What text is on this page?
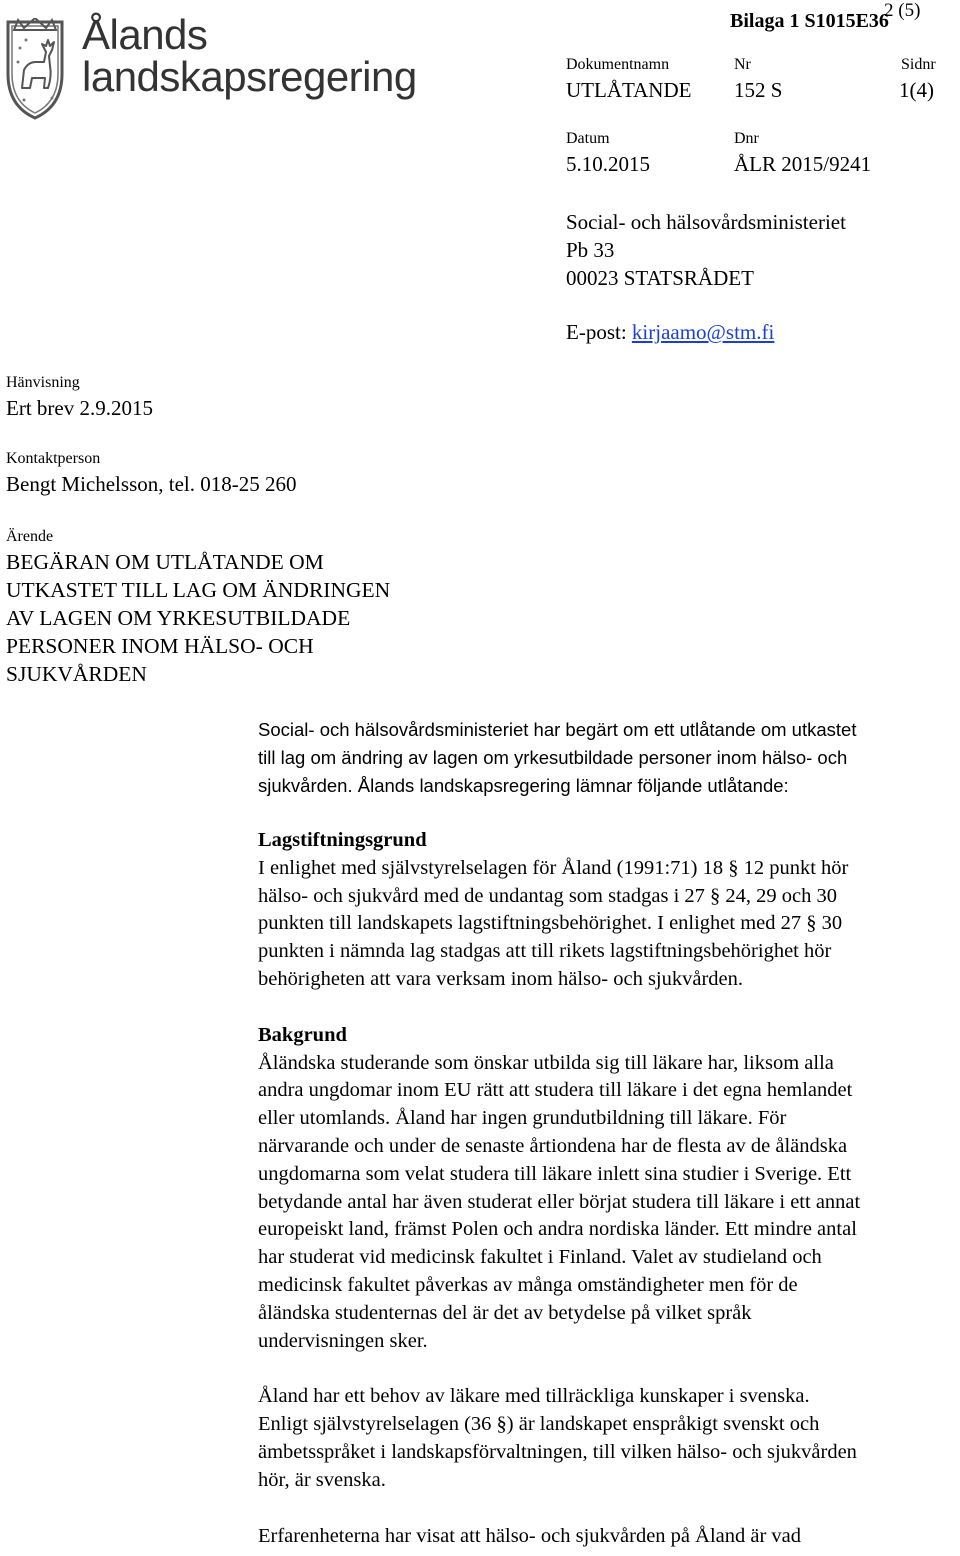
Ålands
landskapsregering
Bilaga 1 S1015E36
2 (5)
Dokumentnamn
UTLÅTANDE
Nr
152 S
Sidnr
1(4)
Datum
5.10.2015
Dnr
ÅLR 2015/9241
Social- och hälsovårdsministeriet
Pb 33
00023 STATSRÅDET
E-post: kirjaamo@stm.fi
Hänvisning
Ert brev 2.9.2015
Kontaktperson
Bengt Michelsson, tel. 018-25 260
Ärende
BEGÄRAN OM UTLÅTANDE OM
UTKASTET TILL LAG OM ÄNDRINGEN
AV LAGEN OM YRKESUTBILDADE
PERSONER INOM HÄLSO- OCH
SJUKVÅRDEN
Social- och hälsovårdsministeriet har begärt om ett utlåtande om utkastet
till lag om ändring av lagen om yrkesutbildade personer inom hälso- och
sjukvården. Ålands landskapsregering lämnar följande utlåtande:
Lagstiftningsgrund
I enlighet med självstyrelselagen för Åland (1991:71) 18 § 12 punkt hör
hälso- och sjukvård med de undantag som stadgas i 27 § 24, 29 och 30
punkten till landskapets lagstiftningsbehörighet. I enlighet med 27 § 30
punkten i nämnda lag stadgas att till rikets lagstiftningsbehörighet hör
behörigheten att vara verksam inom hälso- och sjukvården.
Bakgrund
Åländska studerande som önskar utbilda sig till läkare har, liksom alla
andra ungdomar inom EU rätt att studera till läkare i det egna hemlandet
eller utomlands. Åland har ingen grundutbildning till läkare. För
närvarande och under de senaste årtiondena har de flesta av de åländska
ungdomarna som velat studera till läkare inlett sina studier i Sverige. Ett
betydande antal har även studerat eller börjat studera till läkare i ett annat
europeiskt land, främst Polen och andra nordiska länder. Ett mindre antal
har studerat vid medicinsk fakultet i Finland. Valet av studieland och
medicinsk fakultet påverkas av många omständigheter men för de
åländska studenternas del är det av betydelse på vilket språk
undervisningen sker.
Åland har ett behov av läkare med tillräckliga kunskaper i svenska.
Enligt självstyrelselagen (36 §) är landskapet enspråkigt svenskt och
ämbetsspråket i landskapsförvaltningen, till vilken hälso- och sjukvården
hör, är svenska.
Erfarenheterna har visat att hälso- och sjukvården på Åland är vad
